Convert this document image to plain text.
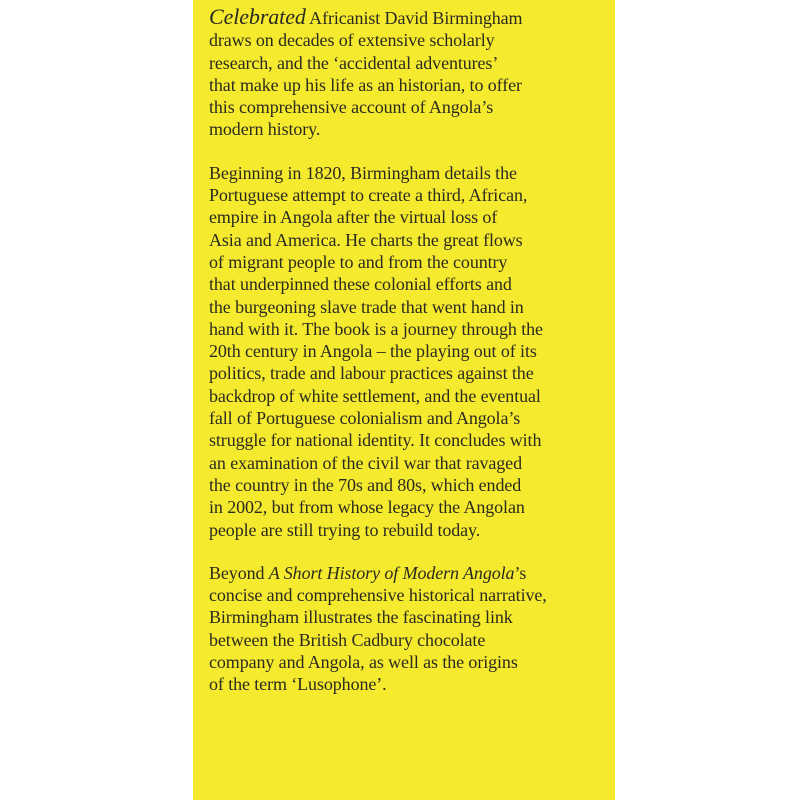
Celebrated Africanist David Birmingham
draws on decades of extensive scholarly
research, and the ‘accidental adventures’
that make up his life as an historian, to offer
this comprehensive account of Angola’s
modern history.

Beginning in 1820, Birmingham details the
Portuguese attempt to create a third, African,
empire in Angola after the virtual loss of
Asia and America. He charts the great flows
of migrant people to and from the country
that underpinned these colonial efforts and
the burgeoning slave trade that went hand in
hand with it. The book is a journey through the
20th century in Angola – the playing out of its
politics, trade and labour practices against the
backdrop of white settlement, and the eventual
fall of Portuguese colonialism and Angola’s
struggle for national identity. It concludes with
an examination of the civil war that ravaged
the country in the 70s and 80s, which ended
in 2002, but from whose legacy the Angolan
people are still trying to rebuild today.

Beyond A Short History of Modern Angola’s
concise and comprehensive historical narrative,
Birmingham illustrates the fascinating link
between the British Cadbury chocolate
company and Angola, as well as the origins
of the term ‘Lusophone’.
